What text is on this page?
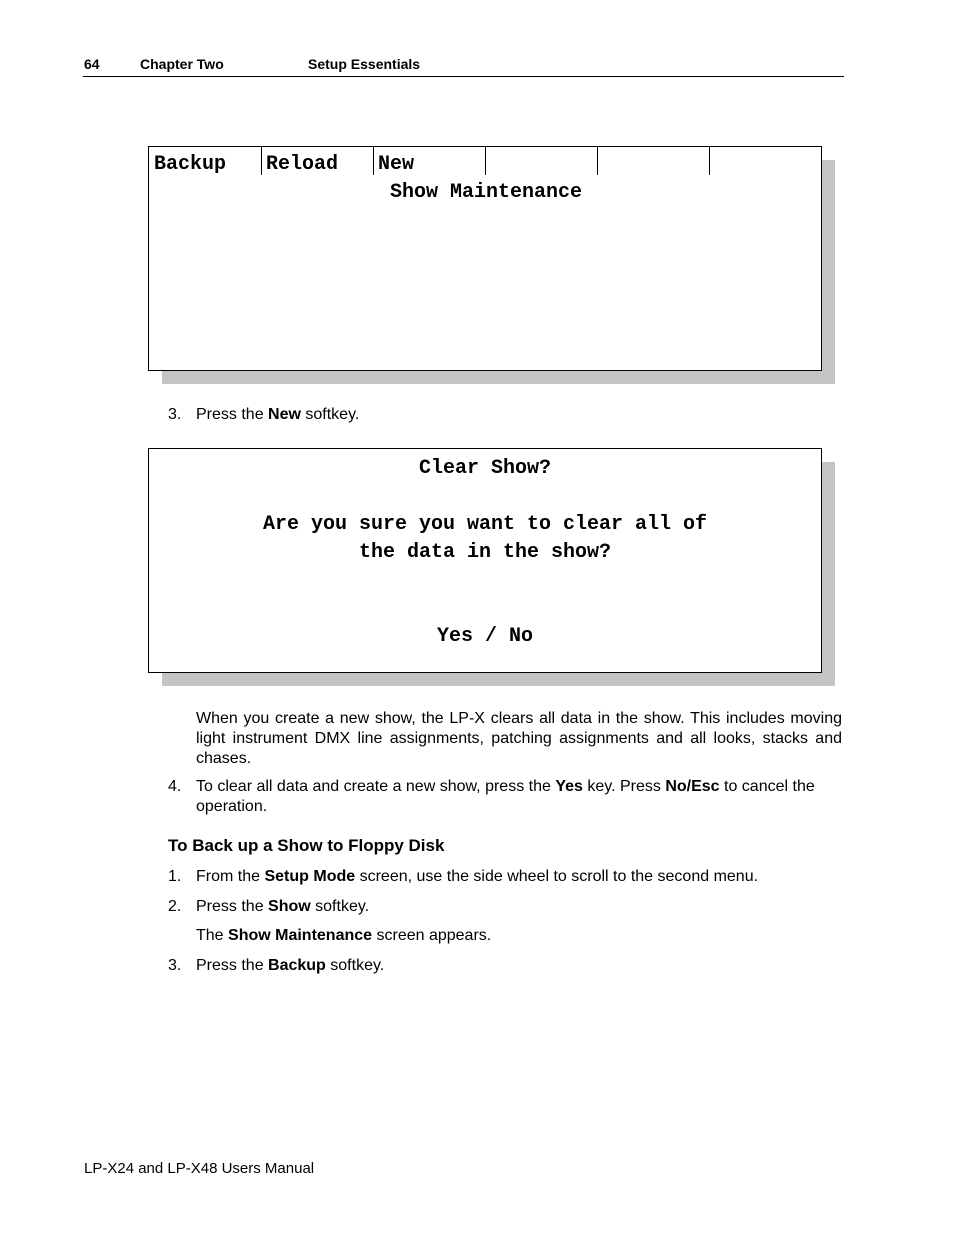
64	Chapter Two	Setup Essentials
Backup	Reload	New
Show Maintenance
3. Press the New softkey.
Clear Show?
Are you sure you want to clear all of
the data in the show?
Yes / No
When you create a new show, the LP-X clears all data in the show. This includes moving light instrument DMX line assignments, patching assignments and all looks, stacks and chases.
4. To clear all data and create a new show, press the Yes key. Press No/Esc to cancel the operation.
To Back up a Show to Floppy Disk
1. From the Setup Mode screen, use the side wheel to scroll to the second menu.
2. Press the Show softkey.
The Show Maintenance screen appears.
3. Press the Backup softkey.
LP-X24 and LP-X48 Users Manual
